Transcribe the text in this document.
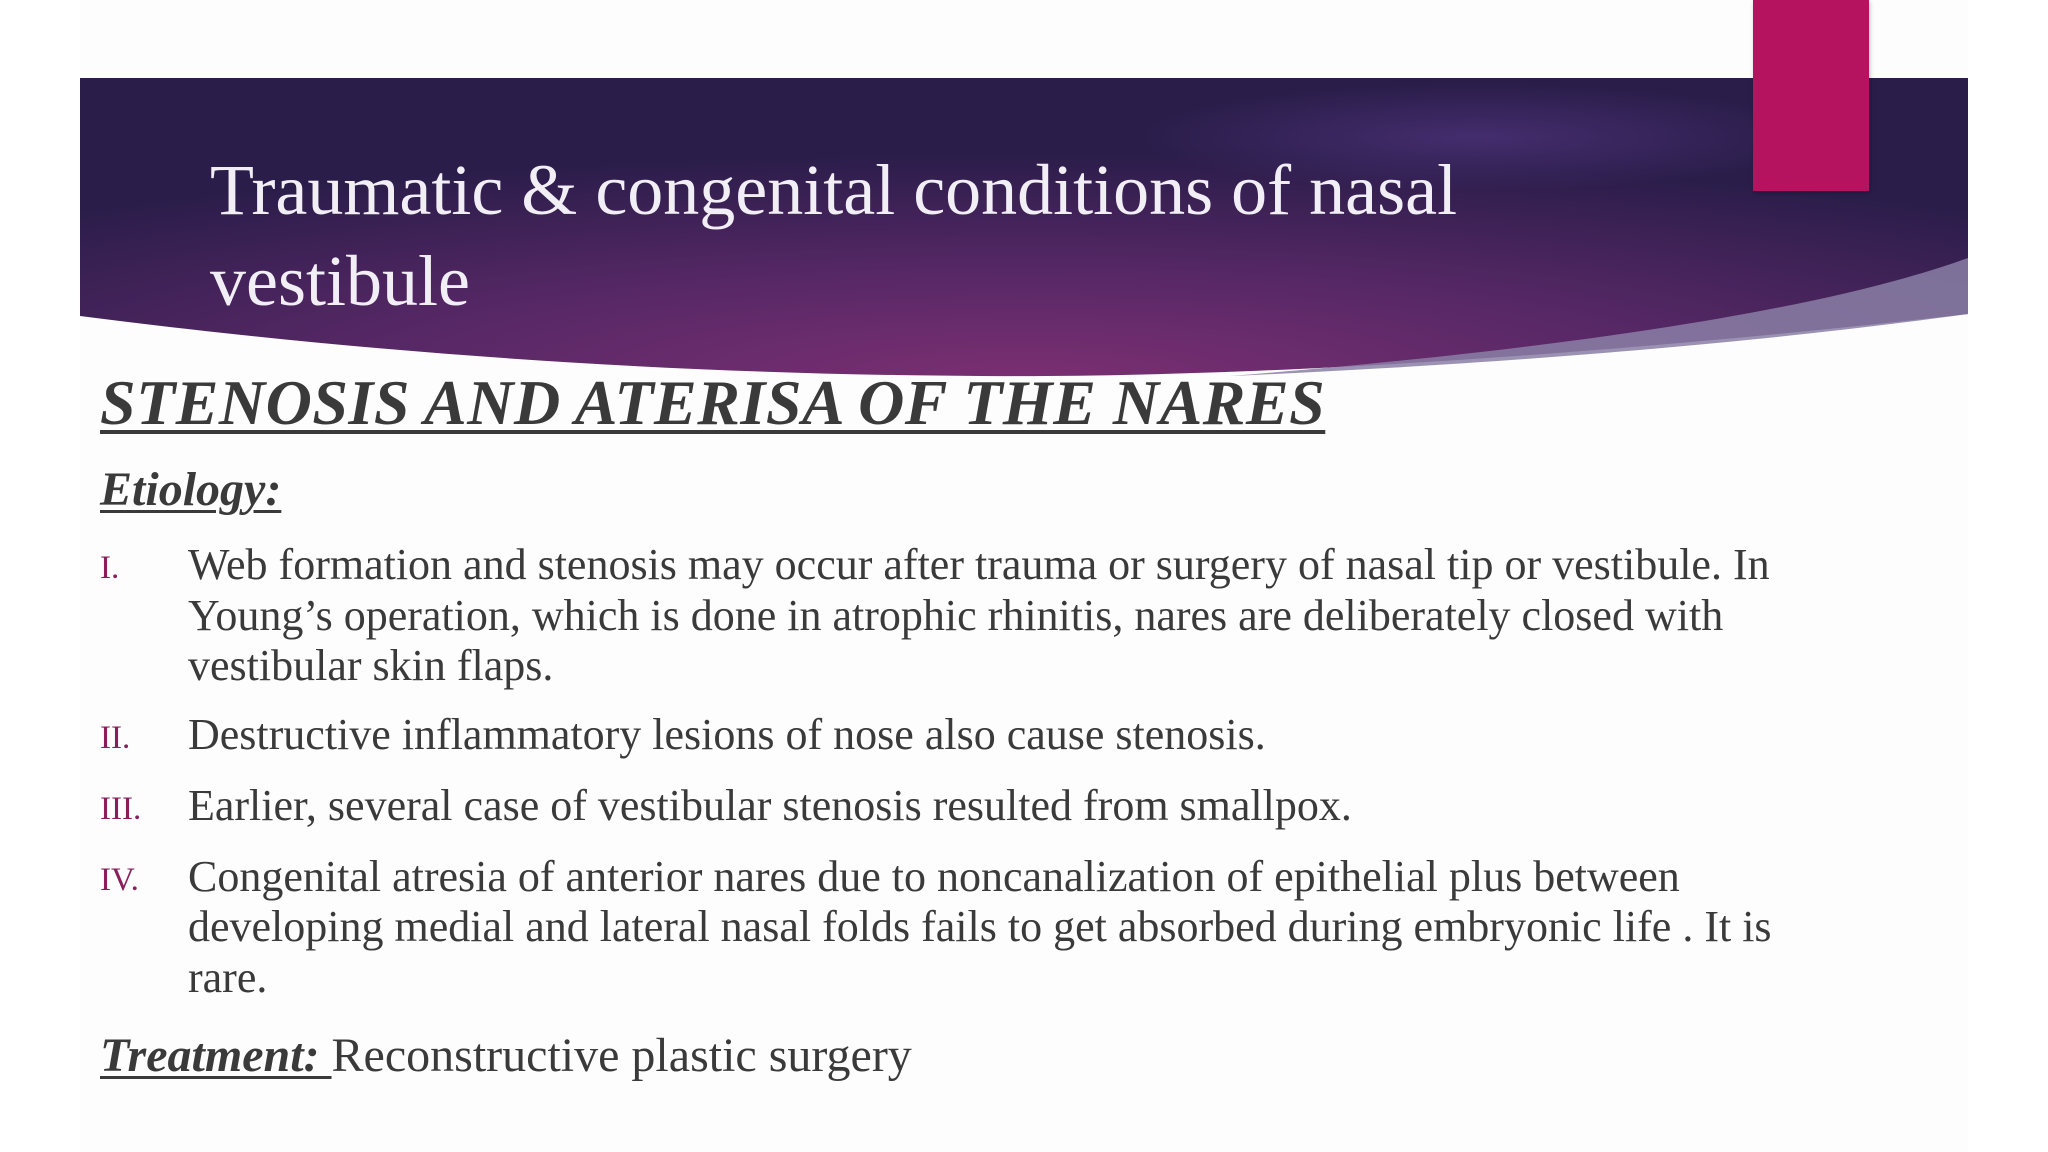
Traumatic & congenital conditions of nasal vestibule
STENOSIS AND ATERISA OF THE NARES
Etiology:
I.	Web formation and stenosis may occur after trauma or surgery of nasal tip or vestibule. In
Young’s operation, which is done in atrophic rhinitis, nares are deliberately closed with
vestibular skin flaps.
II.	Destructive inflammatory lesions of nose also cause stenosis.
III.	Earlier, several case of vestibular stenosis resulted from smallpox.
IV.	Congenital atresia of anterior nares due to noncanalization of epithelial plus between
developing medial and lateral nasal folds fails to get absorbed during embryonic life . It is
rare.

Treatment: Reconstructive plastic surgery
